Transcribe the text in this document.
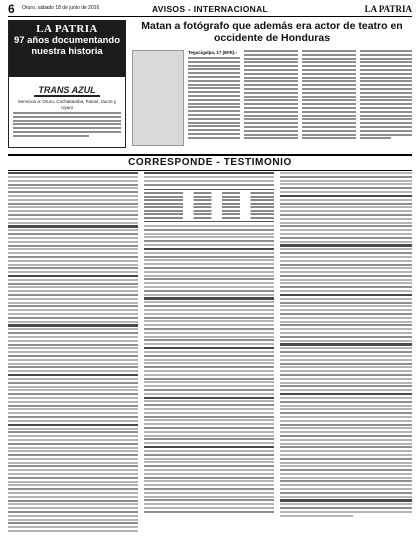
6 Oruro, sábado 18 de junio de 2016	AVISOS - INTERNACIONAL	LA PATRIA
LA PATRIA
97 años documentando
nuestra historia
TRANS AZUL
Servicios a: Oruro, Cochabamba, Potosí, Sucre y Uyuni
Matan a fotógrafo que además era actor de teatro en occidente de Honduras
Tegucigalpa, 17 (EFE).-
CORRESPONDE - TESTIMONIO
